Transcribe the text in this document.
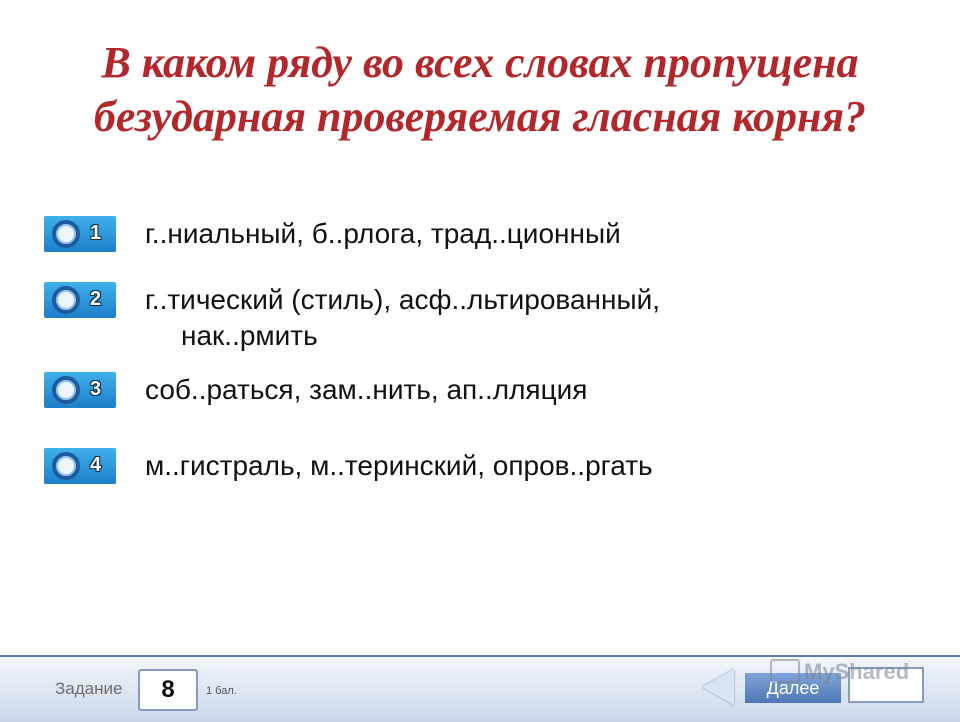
В каком ряду во всех словах пропущена
безударная проверяемая гласная корня?
1 г..ниальный, б..рлога, трад..ционный
2 г..тический (стиль), асф..льтированный,
нак..рмить
3 соб..раться, зам..нить, ап..лляция
4 м..гистраль, м..теринский, опров..ргать
Задание	8	1 бал.	Далее
MyShared
